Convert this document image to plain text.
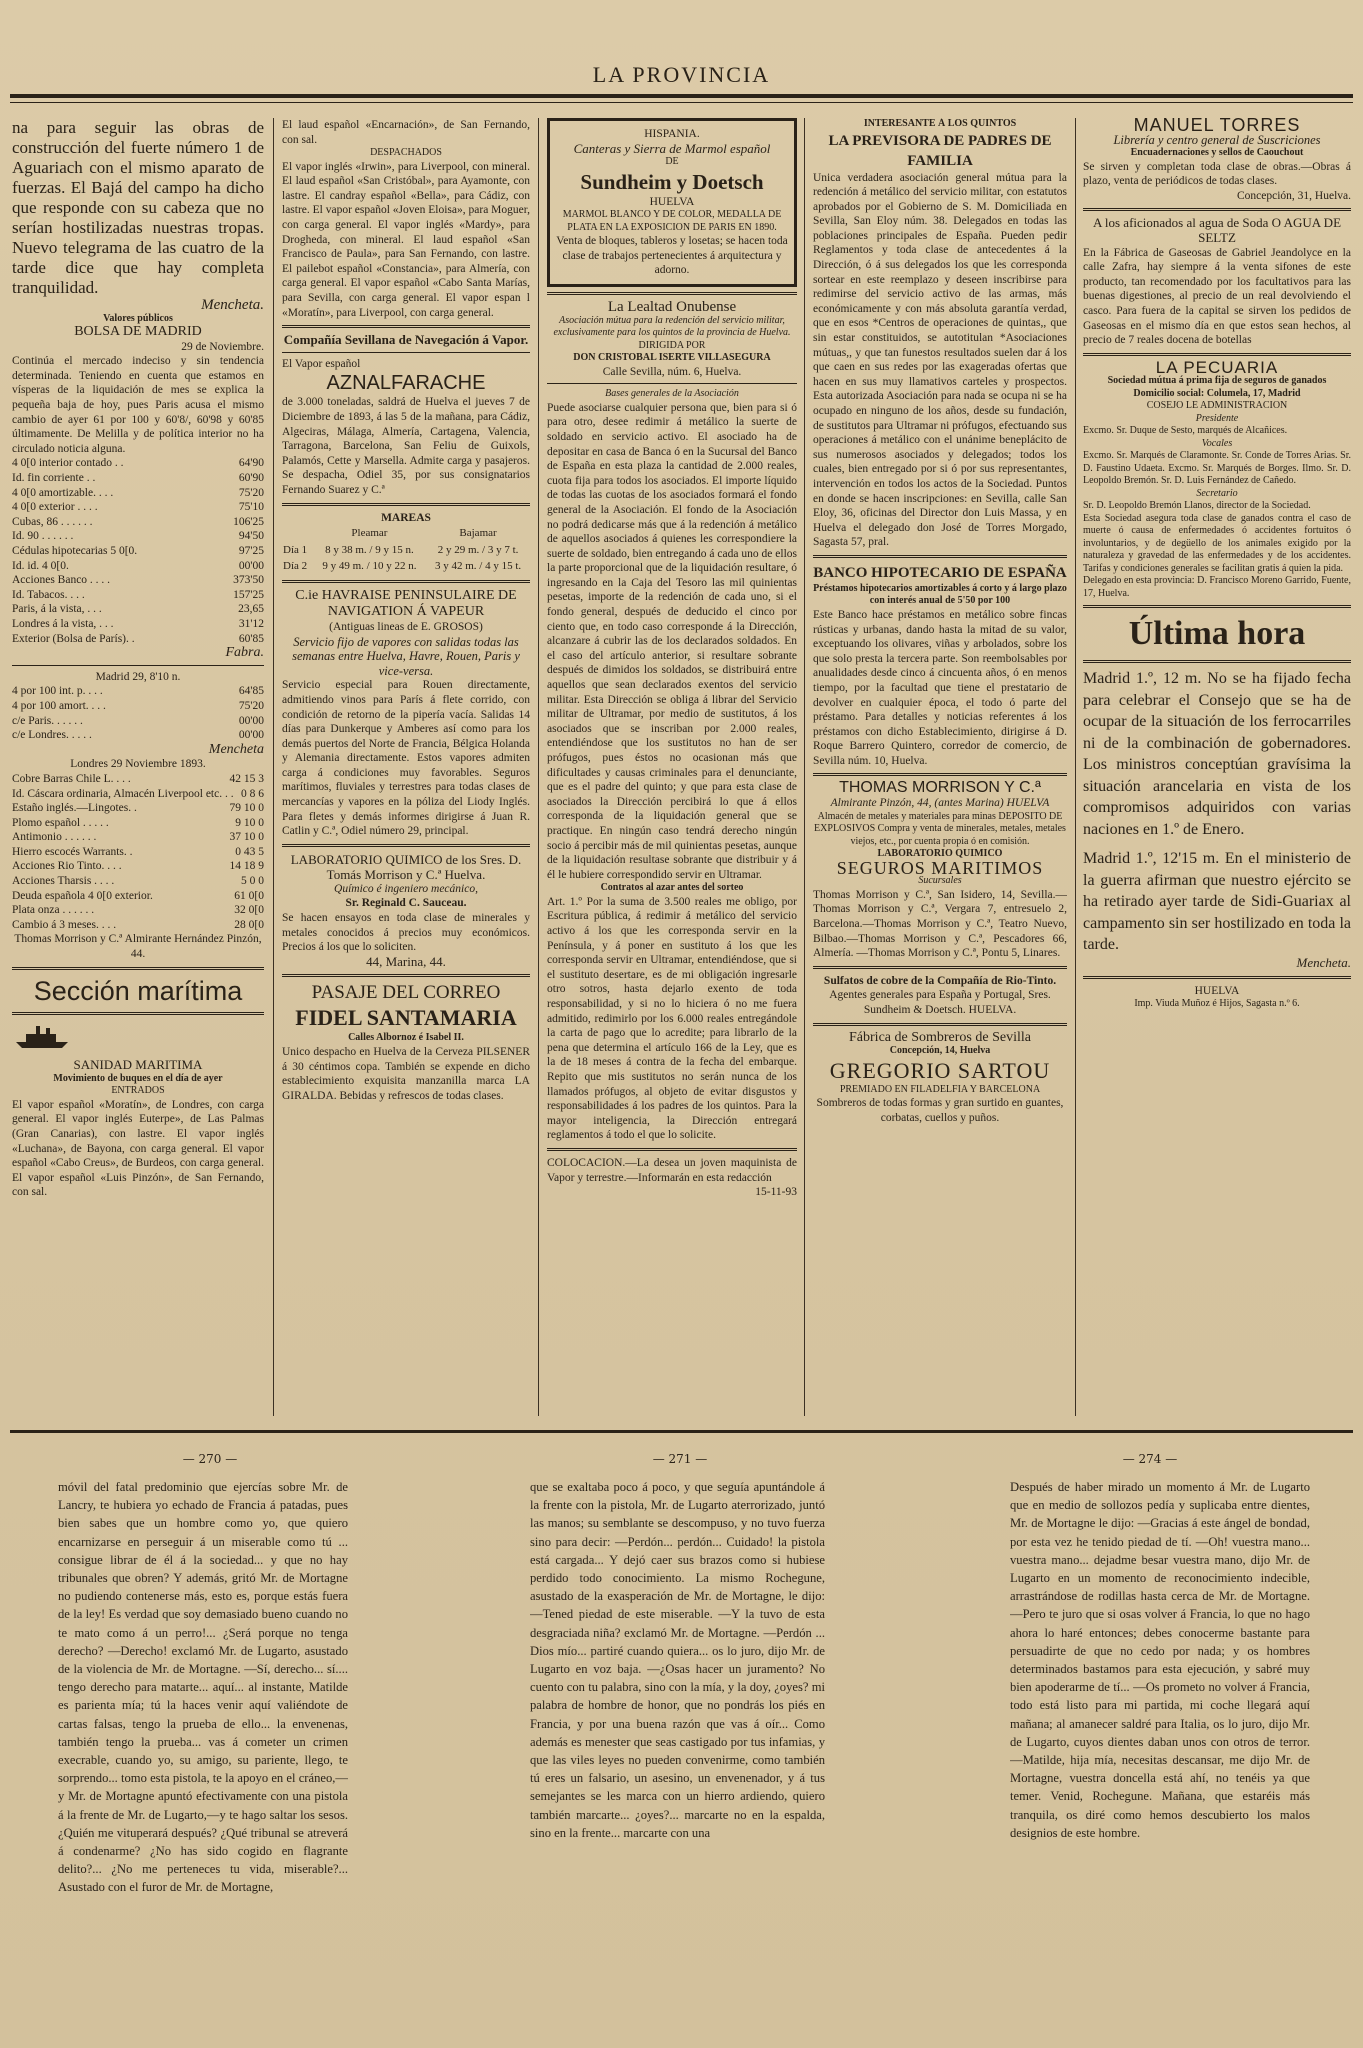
LA PROVINCIA
na para seguir las obras de construcción del fuerte número 1 de Aguariach con el mismo aparato de fuerzas. El Bajá del campo ha dicho que responde con su cabeza que no serían hostilizadas nuestras tropas. Nuevo telegrama de las cuatro de la tarde dice que hay completa tranquilidad.
Mencheta.
Valores públicos
BOLSA DE MADRID
29 de Noviembre.
Continúa el mercado indeciso y sin tendencia determinada. Teniendo en cuenta que estamos en vísperas de la liquidación de mes se explica la pequeña baja de hoy, pues Paris acusa el mismo cambio de ayer 61 por 100 y 60'8/, 60'98 y 60'85 últimamente. De Melilla y de política interior no ha circulado noticia alguna.
4 0[0 interior contado . .	64'90
Id. fin corriente . .	60'90
4 0[0 amortizable. . . .	75'20
4 0[0 exterior . . . .	75'10
Cubas, 86 . . . . . .	106'25
Id. 90 . . . . . .	94'50
Cédulas hipotecarias 5 0[0.	97'25
Id. id. 4 0[0.	00'00
Acciones Banco . . . .	373'50
Id. Tabacos. . . .	157'25
Paris, á la vista, . . .	23,65
Londres á la vista, . . .	31'12
Exterior (Bolsa de París). .	60'85
Fabra.
Madrid 29, 8'10 n.
4 por 100 int. p. . . .	64'85
4 por 100 amort. . . .	75'20
c/e Paris. . . . . .	00'00
c/e Londres. . . . .	00'00
Mencheta
Londres 29 Noviembre 1893.
Cobre Barras Chile L. . . .	42 15 3
Id. Cáscara ordinaria, Almacén Liverpool etc. . . 0 8 6
Estaño inglés.—Lingotes. .	79 10 0
Plomo español . . . . .	9 10 0
Antimonio . . . . . .	37 10 0
Hierro escocés Warrants. .	0 43 5
Acciones Rio Tinto. . . .	14 18 9
Acciones Tharsis . . . .	5 0 0
Deuda española 4 0[0 exterior.	61 0[0
Plata onza . . . . . .	32 0[0
Cambio á 3 meses. . . .	28 0[0
Thomas Morrison y C.ª Almirante Hernández Pinzón, 44.
Sección marítima
SANIDAD MARITIMA
Movimiento de buques en el día de ayer
ENTRADOS
El vapor español «Moratín», de Londres, con carga general. El vapor inglés Euterpe», de Las Palmas (Gran Canarias), con lastre. El vapor inglés «Luchana», de Bayona, con carga general. El vapor español «Cabo Creus», de Burdeos, con carga general. El vapor español «Luis Pinzón», de San Fernando, con sal.
El laud español «Encarnación», de San Fernando, con sal.
DESPACHADOS
El vapor inglés «Irwin», para Liverpool, con mineral. El laud español «San Cristóbal», para Ayamonte, con lastre. El candray español «Bella», para Cádiz, con lastre. El vapor español «Joven Eloisa», para Moguer, con carga general. El vapor inglés «Mardy», para Drogheda, con mineral. El laud español «San Francisco de Paula», para San Fernando, con lastre. El pailebot español «Constancia», para Almería, con carga general. El vapor español «Cabo Santa Marías, para Sevilla, con carga general. El vapor espan l «Moratín», para Liverpool, con carga general.
Compañía Sevillana de Navegación á Vapor.
El Vapor español
AZNALFARACHE
de 3.000 toneladas, saldrá de Huelva el jueves 7 de Diciembre de 1893, á las 5 de la mañana, para Cádiz, Algeciras, Málaga, Almería, Cartagena, Valencia, Tarragona, Barcelona, San Feliu de Guixols, Palamós, Cette y Marsella. Admite carga y pasajeros. Se despacha, Odiel 35, por sus consignatarios Fernando Suarez y C.ª
MAREAS
	Pleamar	Bajamar
Día 1	8 y 38 m. / 9 y 15 n.	2 y 29 m. / 3 y 7 t.
Día 2	9 y 49 m. / 10 y 22 n.	3 y 42 m. / 4 y 15 t.
C.ie HAVRAISE PENINSULAIRE DE NAVIGATION Á VAPEUR
(Antiguas lineas de E. GROSOS)
Servicio fijo de vapores con salidas todas las semanas entre Huelva, Havre, Rouen, Paris y vice-versa.
Servicio especial para Rouen directamente, admitiendo vinos para París á flete corrido, con condición de retorno de la pipería vacía. Salidas 14 días para Dunkerque y Amberes así como para los demás puertos del Norte de Francia, Bélgica Holanda y Alemania directamente. Estos vapores admiten carga á condiciones muy favorables. Seguros marítimos, fluviales y terrestres para todas clases de mercancías y vapores en la póliza del Liody Inglés. Para fletes y demás informes dirigirse á Juan R. Catlin y C.ª, Odiel número 29, principal.
LABORATORIO QUIMICO de los Sres. D. Tomás Morrison y C.ª Huelva.
Químico é ingeniero mecánico,
Sr. Reginald C. Sauceau.
Se hacen ensayos en toda clase de minerales y metales conocidos á precios muy económicos. Precios á los que lo soliciten.
44, Marina, 44.
PASAJE DEL CORREO
FIDEL SANTAMARIA
Calles Albornoz é Isabel II.
Unico despacho en Huelva de la Cerveza PILSENER á 30 céntimos copa. También se expende en dicho establecimiento exquisita manzanilla marca LA GIRALDA. Bebidas y refrescos de todas clases.
HISPANIA.
Canteras y Sierra de Marmol español
DE
Sundheim y Doetsch
HUELVA
MARMOL BLANCO Y DE COLOR, MEDALLA DE PLATA EN LA EXPOSICION DE PARIS EN 1890.
Venta de bloques, tableros y losetas; se hacen toda clase de trabajos pertenecientes á arquitectura y adorno.
La Lealtad Onubense
Asociación mútua para la redención del servicio militar, exclusivamente para los quintos de la provincia de Huelva.
DIRIGIDA POR
DON CRISTOBAL ISERTE VILLASEGURA
Calle Sevilla, núm. 6, Huelva.
Bases generales de la Asociación
Puede asociarse cualquier persona que, bien para si ó para otro, desee redimir á metálico la suerte de soldado en servicio activo. El asociado ha de depositar en casa de Banca ó en la Sucursal del Banco de España en esta plaza la cantidad de 2.000 reales, cuota fija para todos los asociados. El importe líquido de todas las cuotas de los asociados formará el fondo general de la Asociación. El fondo de la Asociación no podrá dedicarse más que á la redención á metálico de aquellos asociados á quienes les correspondiere la suerte de soldado, bien entregando á cada uno de ellos la parte proporcional que de la liquidación resultare, ó ingresando en la Caja del Tesoro las mil quinientas pesetas, importe de la redención de cada uno, si el fondo general, después de deducido el cinco por ciento que, en todo caso corresponde á la Dirección, alcanzare á cubrir las de los declarados soldados. En el caso del artículo anterior, si resultare sobrante después de dimidos los soldados, se distribuirá entre aquellos que sean declarados exentos del servicio militar. Esta Dirección se obliga á librar del Servicio militar de Ultramar, por medio de sustitutos, á los asociados que se inscriban por 2.000 reales, entendiéndose que los sustitutos no han de ser prófugos, pues éstos no ocasionan más que dificultades y causas criminales para el denunciante, que es el padre del quinto; y que para esta clase de asociados la Dirección percibirá lo que á ellos corresponda de la liquidación general que se practique. En ningún caso tendrá derecho ningún socio á percibir más de mil quinientas pesetas, aunque de la liquidación resultase sobrante que distribuir y á él le hubiere correspondido servir en Ultramar.
Contratos al azar antes del sorteo
Art. 1.º Por la suma de 3.500 reales me obligo, por Escritura pública, á redimir á metálico del servicio activo á los que les corresponda servir en la Península, y á poner en sustituto á los que les corresponda servir en Ultramar, entendiéndose, que si el sustituto desertare, es de mi obligación ingresarle otro sotros, hasta dejarlo exento de toda responsabilidad, y si no lo hiciera ó no me fuera admitido, redimirlo por los 6.000 reales entregándole la carta de pago que lo acredite; para librarlo de la pena que determina el artículo 166 de la Ley, que es la de 18 meses á contra de la fecha del embarque. Repito que mis sustitutos no serán nunca de los llamados prófugos, al objeto de evitar disgustos y responsabilidades á los padres de los quintos. Para la mayor inteligencia, la Dirección entregará reglamentos á todo el que lo solicite.
COLOCACION.—La desea un joven maquinista de Vapor y terrestre.—Informarán en esta redacción
15-11-93
INTERESANTE Á LOS QUINTOS
LA PREVISORA DE PADRES DE FAMILIA
Unica verdadera asociación general mútua para la redención á metálico del servicio militar, con estatutos aprobados por el Gobierno de S. M. Domiciliada en Sevilla, San Eloy núm. 38. Delegados en todas las poblaciones principales de España. Pueden pedir Reglamentos y toda clase de antecedentes á la Dirección, ó á sus delegados los que les corresponda sortear en este reemplazo y deseen inscribirse para redimirse del servicio activo de las armas, más económicamente y con más absoluta garantía verdad, que en esos *Centros de operaciones de quintas,, que sin estar constituidos, se autotitulan *Asociaciones mútuas,, y que tan funestos resultados suelen dar á los que caen en sus redes por las exageradas ofertas que hacen en sus muy llamativos carteles y prospectos. Esta autorizada Asociación para nada se ocupa ni se ha ocupado en ninguno de los años, desde su fundación, de sustitutos para Ultramar ni prófugos, efectuando sus operaciones á metálico con el unánime beneplácito de sus numerosos asociados y delegados; todos los cuales, bien entregado por si ó por sus representantes, intervención en todos los actos de la Sociedad. Puntos en donde se hacen inscripciones: en Sevilla, calle San Eloy, 36, oficinas del Director don Luis Massa, y en Huelva el delegado don José de Torres Morgado, Sagasta 57, pral.
BANCO HIPOTECARIO DE ESPAÑA
Préstamos hipotecarios amortizables á corto y á largo plazo con interés anual de 5'50 por 100
Este Banco hace préstamos en metálico sobre fincas rústicas y urbanas, dando hasta la mitad de su valor, exceptuando los olivares, viñas y arbolados, sobre los que solo presta la tercera parte. Son reembolsables por anualidades desde cinco á cincuenta años, ó en menos tiempo, por la facultad que tiene el prestatario de devolver en cualquier época, el todo ó parte del préstamo. Para detalles y noticias referentes á los préstamos con dicho Establecimiento, dirigirse á D. Roque Barrero Quintero, corredor de comercio, de Sevilla núm. 10, Huelva.
THOMAS MORRISON Y C.ª
Almirante Pinzón, 44, (antes Marina) HUELVA
Almacén de metales y materiales para minas DEPOSITO DE EXPLOSIVOS Compra y venta de minerales, metales, metales viejos, etc., por cuenta propia ó en comisión.
LABORATORIO QUIMICO
SEGUROS MARITIMOS
Sucursales
Thomas Morrison y C.ª, San Isidero, 14, Sevilla.—Thomas Morrison y C.ª, Vergara 7, entresuelo 2, Barcelona.—Thomas Morrison y C.ª, Teatro Nuevo, Bilbao.—Thomas Morrison y C.ª, Pescadores 66, Almería. —Thomas Morrison y C.ª, Pontu 5, Linares.
Sulfatos de cobre de la Compañía de Rio-Tinto.
Agentes generales para España y Portugal, Sres. Sundheim & Doetsch. HUELVA.
Fábrica de Sombreros de Sevilla
Concepción, 14, Huelva
GREGORIO SARTOU
PREMIADO EN FILADELFIA Y BARCELONA
Sombreros de todas formas y gran surtido en guantes, corbatas, cuellos y puños.
MANUEL TORRES
Librería y centro general de Suscriciones
Encuadernaciones y sellos de Caouchout
Se sirven y completan toda clase de obras.—Obras á plazo, venta de periódicos de todas clases.
Concepción, 31, Huelva.
A los aficionados al agua de Soda O AGUA DE SELTZ
En la Fábrica de Gaseosas de Gabriel Jeandolyce en la calle Zafra, hay siempre á la venta sifones de este producto, tan recomendado por los facultativos para las buenas digestiones, al precio de un real devolviendo el casco. Para fuera de la capital se sirven los pedidos de Gaseosas en el mismo día en que estos sean hechos, al precio de 7 reales docena de botellas
LA PECUARIA
Sociedad mútua á prima fija de seguros de ganados
Domicilio social: Columela, 17, Madrid
COSEJO LE ADMINISTRACION
Presidente
Excmo. Sr. Duque de Sesto, marqués de Alcañices.
Vocales
Excmo. Sr. Marqués de Claramonte. Sr. Conde de Torres Arias. Sr. D. Faustino Udaeta. Excmo. Sr. Marqués de Borges. Ilmo. Sr. D. Leopoldo Bremón. Sr. D. Luis Fernández de Cañedo.
Secretario
Sr. D. Leopoldo Bremón Llanos, director de la Sociedad.
Esta Sociedad asegura toda clase de ganados contra el caso de muerte ó causa de enfermedades ó accidentes fortuitos ó involuntarios, y de degüello de los animales exigido por la naturaleza y gravedad de las enfermedades y de los accidentes. Tarifas y condiciones generales se facilitan gratis á quien la pida.
Delegado en esta provincia: D. Francisco Moreno Garrido, Fuente, 17, Huelva.
Última hora
Madrid 1.º, 12 m. No se ha fijado fecha para celebrar el Consejo que se ha de ocupar de la situación de los ferrocarriles ni de la combinación de gobernadores. Los ministros conceptúan gravísima la situación arancelaria en vista de los compromisos adquiridos con varias naciones en 1.º de Enero.
Madrid 1.º, 12'15 m. En el ministerio de la guerra afirman que nuestro ejército se ha retirado ayer tarde de Sidi-Guariax al campamento sin ser hostilizado en toda la tarde.
Mencheta.
HUELVA
Imp. Viuda Muñoz é Hijos, Sagasta n.º 6.
— 270 —
móvil del fatal predominio que ejercías sobre Mr. de Lancry, te hubiera yo echado de Francia á patadas, pues bien sabes que un hombre como yo, que quiero encarnizarse en perseguir á un miserable como tú ... consigue librar de él á la sociedad... y que no hay tribunales que obren? Y además, gritó Mr. de Mortagne no pudiendo contenerse más, esto es, porque estás fuera de la ley! Es verdad que soy demasiado bueno cuando no te mato como á un perro!... ¿Será porque no tenga derecho? —Derecho! exclamó Mr. de Lugarto, asustado de la violencia de Mr. de Mortagne. —Sí, derecho... sí.... tengo derecho para matarte... aquí... al instante, Matilde es parienta mía; tú la haces venir aquí valiéndote de cartas falsas, tengo la prueba de ello... la envenenas, también tengo la prueba... vas á cometer un crimen execrable, cuando yo, su amigo, su pariente, llego, te sorprendo... tomo esta pistola, te la apoyo en el cráneo,—y Mr. de Mortagne apuntó efectivamente con una pistola á la frente de Mr. de Lugarto,—y te hago saltar los sesos. ¿Quién me vituperará después? ¿Qué tribunal se atreverá á condenarme? ¿No has sido cogido en flagrante delito?... ¿No me perteneces tu vida, miserable?... Asustado con el furor de Mr. de Mortagne,
— 271 —
que se exaltaba poco á poco, y que seguía apuntándole á la frente con la pistola, Mr. de Lugarto aterrorizado, juntó las manos; su semblante se descompuso, y no tuvo fuerza sino para decir: —Perdón... perdón... Cuidado! la pistola está cargada... Y dejó caer sus brazos como si hubiese perdido todo conocimiento. La mismo Rochegune, asustado de la exasperación de Mr. de Mortagne, le dijo: —Tened piedad de este miserable. —Y la tuvo de esta desgraciada niña? exclamó Mr. de Mortagne. —Perdón ... Dios mío... partiré cuando quiera... os lo juro, dijo Mr. de Lugarto en voz baja. —¿Osas hacer un juramento? No cuento con tu palabra, sino con la mía, y la doy, ¿oyes? mi palabra de hombre de honor, que no pondrás los piés en Francia, y por una buena razón que vas á oír... Como además es menester que seas castigado por tus infamias, y que las viles leyes no pueden convenirme, como también tú eres un falsario, un asesino, un envenenador, y á tus semejantes se les marca con un hierro ardiendo, quiero también marcarte... ¿oyes?... marcarte no en la espalda, sino en la frente... marcarte con una
— 274 —
Después de haber mirado un momento á Mr. de Lugarto que en medio de sollozos pedía y suplicaba entre dientes, Mr. de Mortagne le dijo: —Gracias á este ángel de bondad, por esta vez he tenido piedad de tí. —Oh! vuestra mano... vuestra mano... dejadme besar vuestra mano, dijo Mr. de Lugarto en un momento de reconocimiento indecible, arrastrándose de rodillas hasta cerca de Mr. de Mortagne. —Pero te juro que si osas volver á Francia, lo que no hago ahora lo haré entonces; debes conocerme bastante para persuadirte de que no cedo por nada; y os hombres determinados bastamos para esta ejecución, y sabré muy bien apoderarme de tí... —Os prometo no volver á Francia, todo está listo para mi partida, mi coche llegará aquí mañana; al amanecer saldré para Italia, os lo juro, dijo Mr. de Lugarto, cuyos dientes daban unos con otros de terror. —Matilde, hija mía, necesitas descansar, me dijo Mr. de Mortagne, vuestra doncella está ahí, no tenéis ya que temer. Venid, Rochegune. Mañana, que estaréis más tranquila, os diré como hemos descubierto los malos designios de este hombre.
